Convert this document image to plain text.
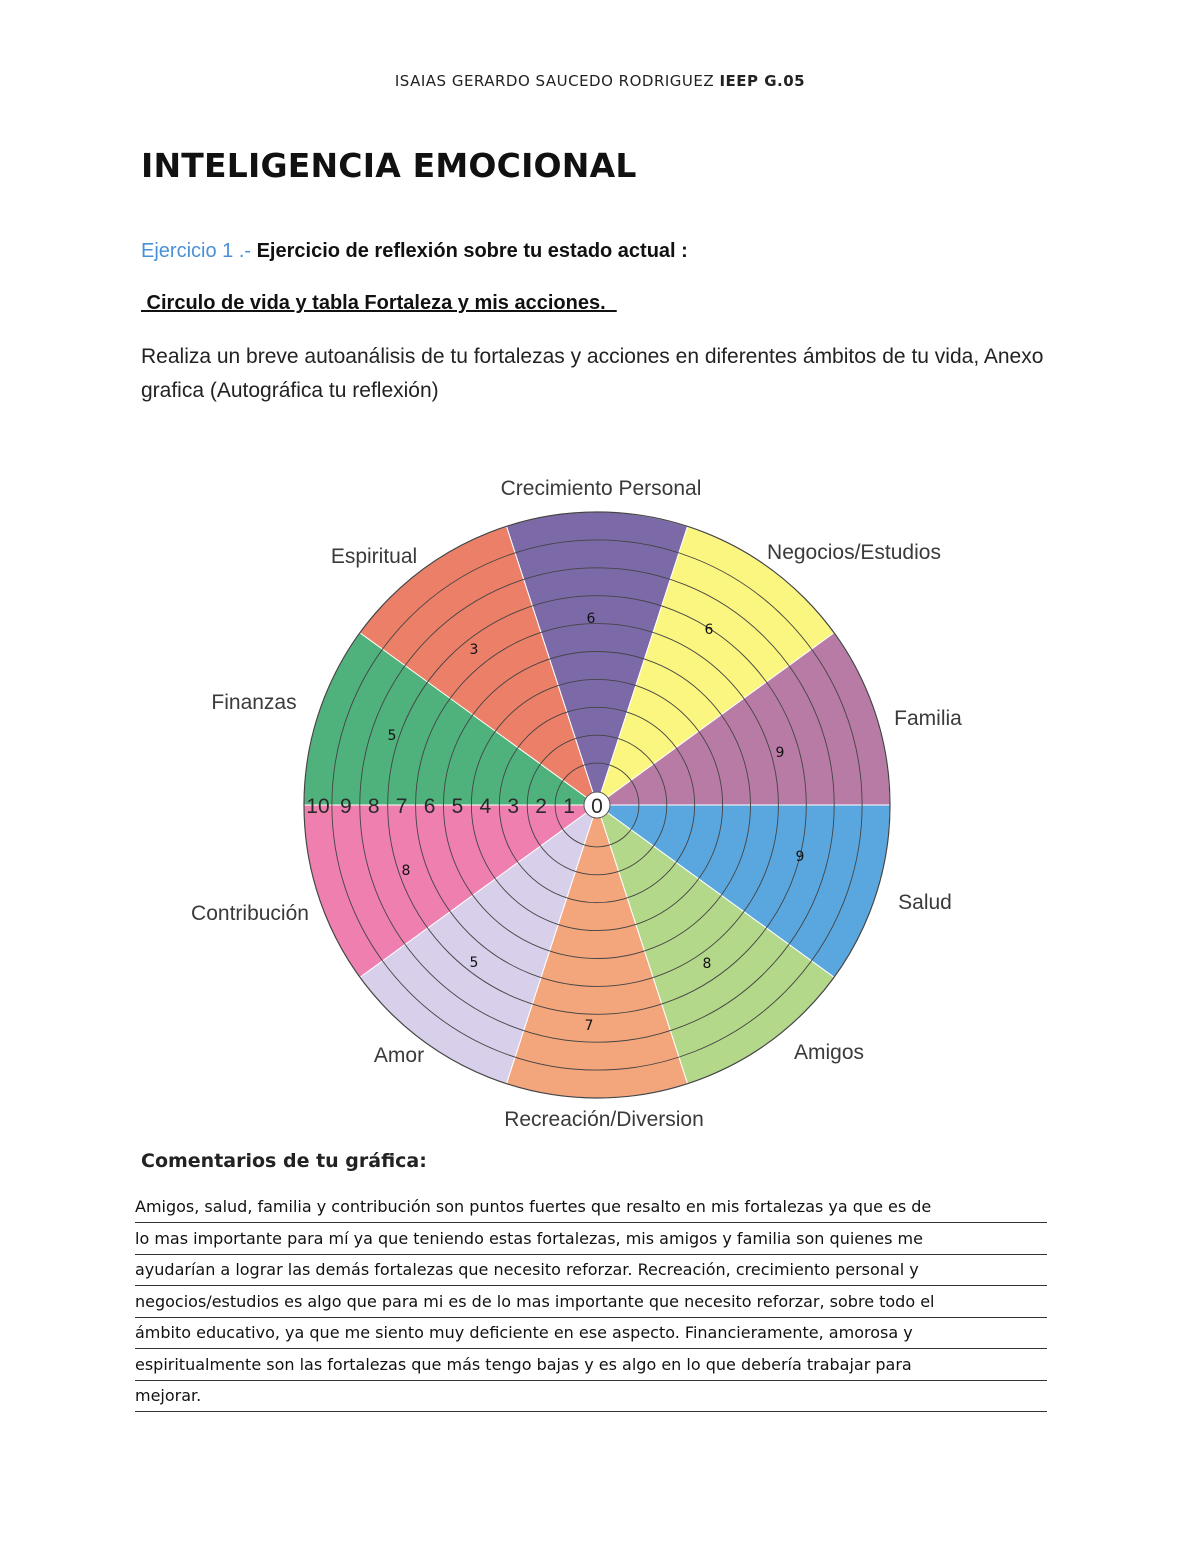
ISAIAS GERARDO SAUCEDO RODRIGUEZ IEEP G.05
INTELIGENCIA EMOCIONAL
Ejercicio 1 .- Ejercicio de reflexión sobre tu estado actual :
Circulo de vida y tabla Fortaleza y mis acciones.
Realiza un breve autoanálisis de tu fortalezas y acciones en diferentes ámbitos de tu vida, Anexo grafica (Autográfica tu reflexión)
10 9 8 7 6 5 4 3 2 1 0
Crecimiento Personal
Negocios/Estudios
Familia
Salud
Amigos
Recreación/Diversion
Amor
Contribución
Finanzas
Espiritual
6
6
9
9
8
7
5
8
5
3
Comentarios de tu gráfica:
Amigos, salud, familia y contribución son puntos fuertes que resalto en mis fortalezas ya que es de
lo mas importante para mí ya que teniendo estas fortalezas, mis amigos y familia son quienes me
ayudarían a lograr las demás fortalezas que necesito reforzar. Recreación, crecimiento personal y
negocios/estudios es algo que para mi es de lo mas importante que necesito reforzar, sobre todo el
ámbito educativo, ya que me siento muy deficiente en ese aspecto. Financieramente, amorosa y
espiritualmente son las fortalezas que más tengo bajas y es algo en lo que debería trabajar para
mejorar.
